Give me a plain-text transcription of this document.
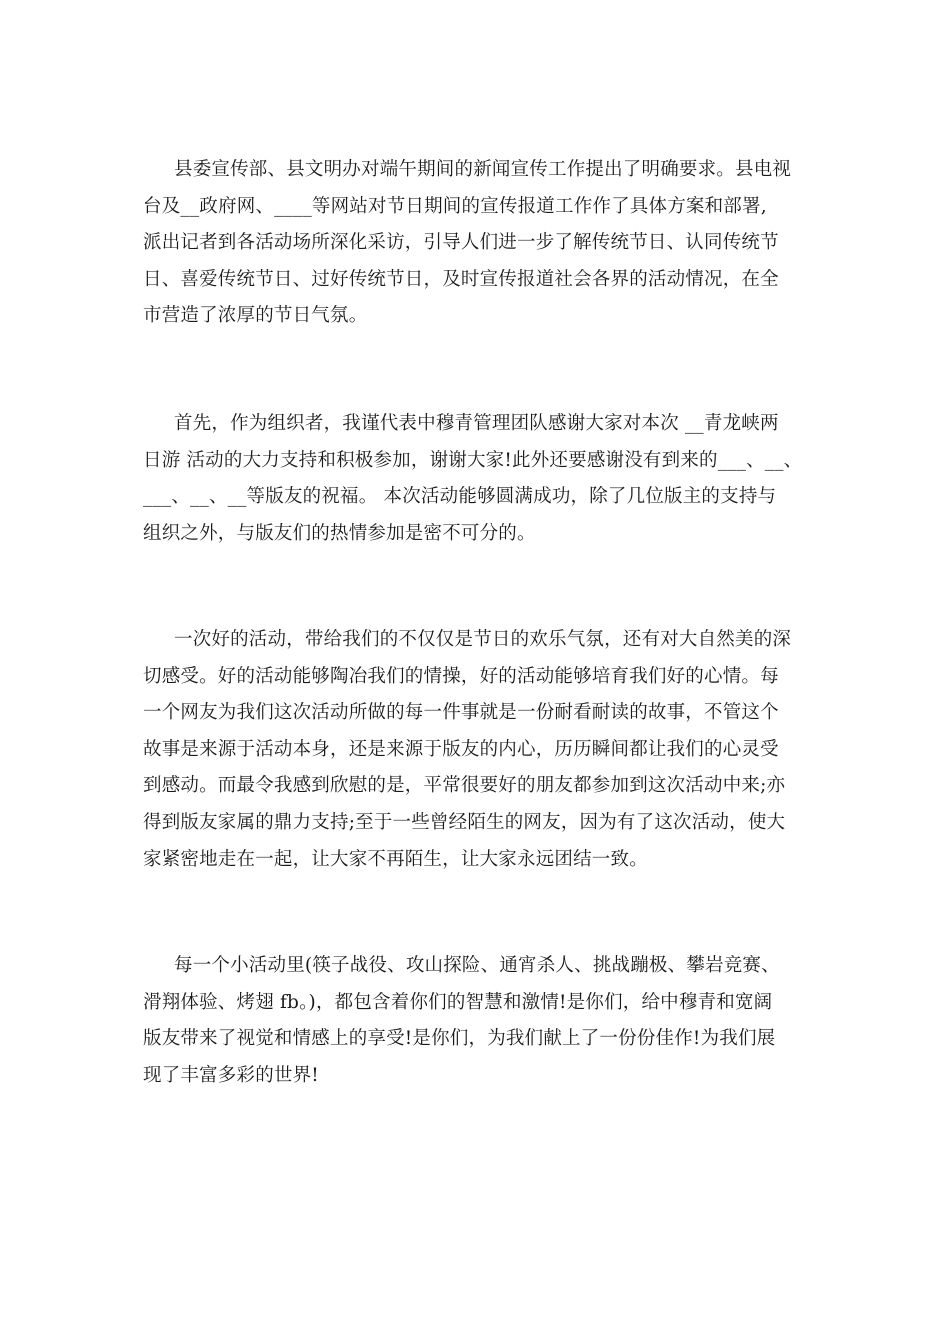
县委宣传部、县文明办对端午期间的新闻宣传工作提出了明确要求。县电视
台及__政府网、____等网站对节日期间的宣传报道工作作了具体方案和部署,
派出记者到各活动场所深化采访，引导人们进一步了解传统节日、认同传统节
日、喜爱传统节日、过好传统节日，及时宣传报道社会各界的活动情况，在全
市营造了浓厚的节日气氛。

首先，作为组织者，我谨代表中穆青管理团队感谢大家对本次 __青龙峡两
日游 活动的大力支持和积极参加，谢谢大家!此外还要感谢没有到来的___、__、
___、__、__等版友的祝福。 本次活动能够圆满成功，除了几位版主的支持与
组织之外，与版友们的热情参加是密不可分的。

一次好的活动，带给我们的不仅仅是节日的欢乐气氛，还有对大自然美的深
切感受。好的活动能够陶冶我们的情操，好的活动能够培育我们好的心情。每
一个网友为我们这次活动所做的每一件事就是一份耐看耐读的故事，不管这个
故事是来源于活动本身，还是来源于版友的内心，历历瞬间都让我们的心灵受
到感动。而最令我感到欣慰的是，平常很要好的朋友都参加到这次活动中来;亦
得到版友家属的鼎力支持;至于一些曾经陌生的网友，因为有了这次活动，使大
家紧密地走在一起，让大家不再陌生，让大家永远团结一致。

每一个小活动里(筷子战役、攻山探险、通宵杀人、挑战蹦极、攀岩竞赛、
滑翔体验、烤翅 fb。)，都包含着你们的智慧和激情!是你们，给中穆青和宽阔
版友带来了视觉和情感上的享受!是你们，为我们献上了一份份佳作!为我们展
现了丰富多彩的世界!
